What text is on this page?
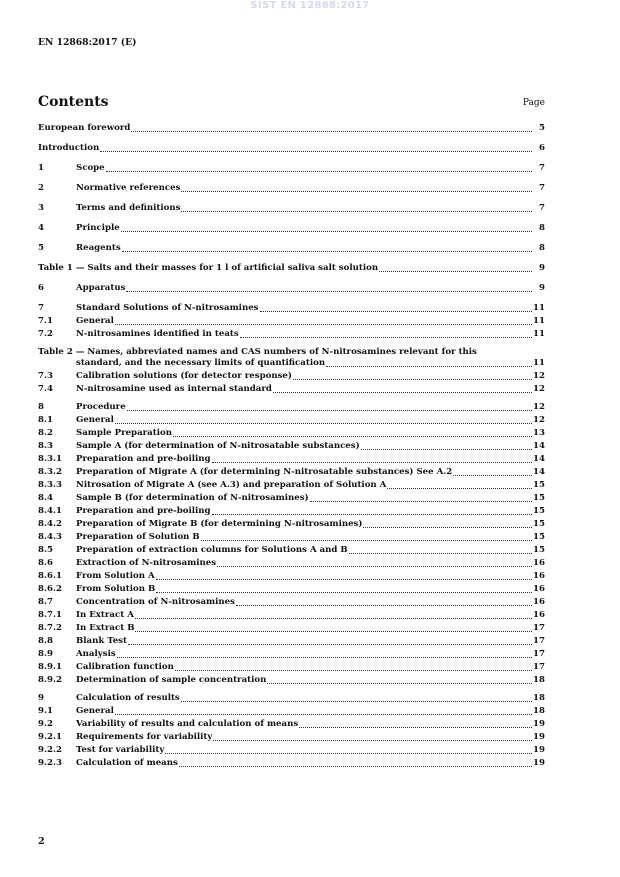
SIST EN 12868:2017
EN 12868:2017 (E)
Contents	Page
European foreword	5
Introduction	6
1	Scope	7
2	Normative references	7
3	Terms and definitions	7
4	Principle	8
5	Reagents	8
Table 1 — Salts and their masses for 1 l of artificial saliva salt solution	9
6	Apparatus	9
7	Standard Solutions of N-nitrosamines	11
7.1	General	11
7.2	N-nitrosamines identified in teats	11
Table 2 — Names, abbreviated names and CAS numbers of N-nitrosamines relevant for this
standard, and the necessary limits of quantification	11
7.3	Calibration solutions (for detector response)	12
7.4	N-nitrosamine used as internal standard	12
8	Procedure	12
8.1	General	12
8.2	Sample Preparation	13
8.3	Sample A (for determination of N-nitrosatable substances)	14
8.3.1	Preparation and pre-boiling	14
8.3.2	Preparation of Migrate A (for determining N-nitrosatable substances) See A.2	14
8.3.3	Nitrosation of Migrate A (see A.3) and preparation of Solution A	15
8.4	Sample B (for determination of N-nitrosamines)	15
8.4.1	Preparation and pre-boiling	15
8.4.2	Preparation of Migrate B (for determining N-nitrosamines)	15
8.4.3	Preparation of Solution B	15
8.5	Preparation of extraction columns for Solutions A and B	15
8.6	Extraction of N-nitrosamines	16
8.6.1	From Solution A	16
8.6.2	From Solution B	16
8.7	Concentration of N-nitrosamines	16
8.7.1	In Extract A	16
8.7.2	In Extract B	17
8.8	Blank Test	17
8.9	Analysis	17
8.9.1	Calibration function	17
8.9.2	Determination of sample concentration	18
9	Calculation of results	18
9.1	General	18
9.2	Variability of results and calculation of means	19
9.2.1	Requirements for variability	19
9.2.2	Test for variability	19
9.2.3	Calculation of means	19
2
